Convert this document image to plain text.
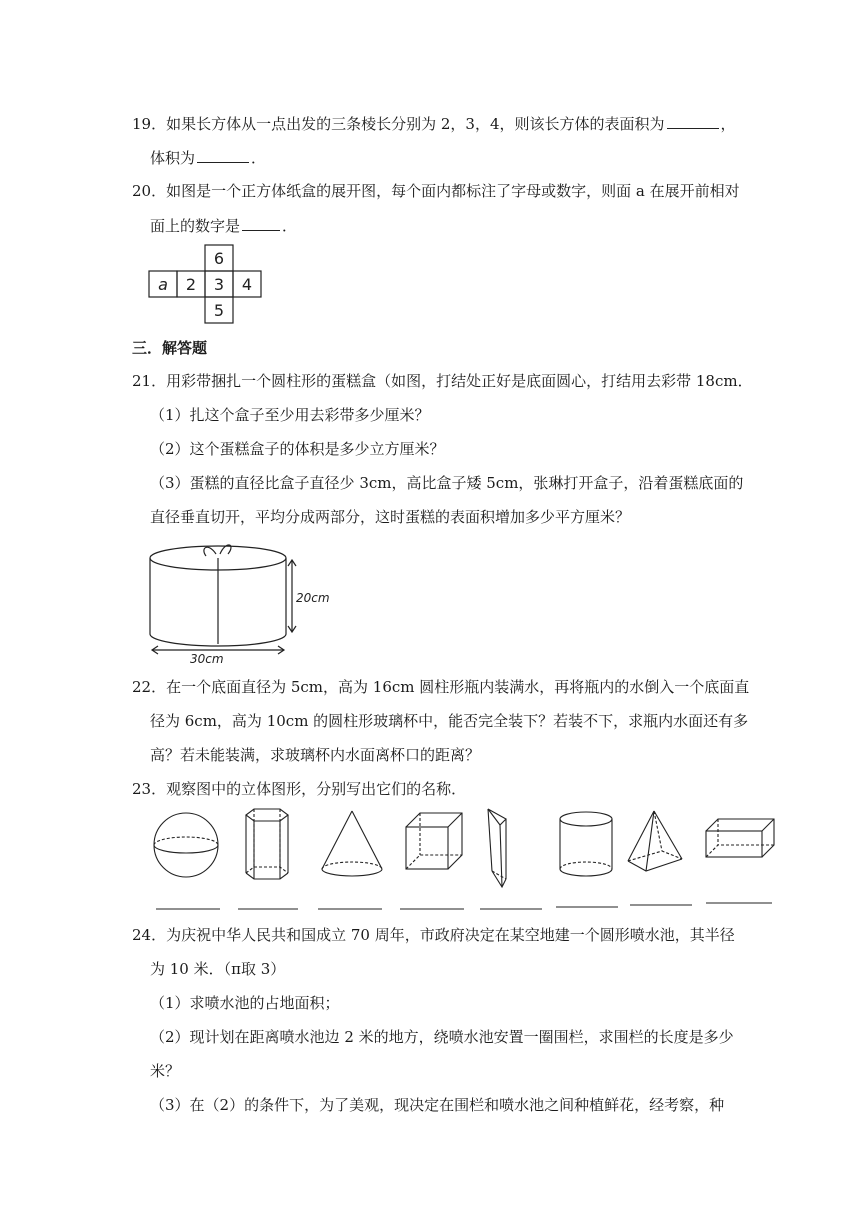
19．如果长方体从一点出发的三条棱长分别为 2，3，4，则该长方体的表面积为	，
体积为	．
20．如图是一个正方体纸盒的展开图，每个面内都标注了字母或数字，则面 a 在展开前相对
面上的数字是	．
6
a 2 3 4
5
三．解答题
21．用彩带捆扎一个圆柱形的蛋糕盒（如图，打结处正好是底面圆心，打结用去彩带 18cm．
（1）扎这个盒子至少用去彩带多少厘米？
（2）这个蛋糕盒子的体积是多少立方厘米？
（3）蛋糕的直径比盒子直径少 3cm，高比盒子矮 5cm，张琳打开盒子，沿着蛋糕底面的
直径垂直切开，平均分成两部分，这时蛋糕的表面积增加多少平方厘米？
20cm
30cm
22．在一个底面直径为 5cm，高为 16cm 圆柱形瓶内装满水，再将瓶内的水倒入一个底面直
径为 6cm，高为 10cm 的圆柱形玻璃杯中，能否完全装下？若装不下，求瓶内水面还有多
高？若未能装满，求玻璃杯内水面离杯口的距离？
23．观察图中的立体图形，分别写出它们的名称．
24．为庆祝中华人民共和国成立 70 周年，市政府决定在某空地建一个圆形喷水池，其半径
为 10 米．（π取 3）
（1）求喷水池的占地面积；
（2）现计划在距离喷水池边 2 米的地方，绕喷水池安置一圈围栏，求围栏的长度是多少
米？
（3）在（2）的条件下，为了美观，现决定在围栏和喷水池之间种植鲜花，经考察，种
